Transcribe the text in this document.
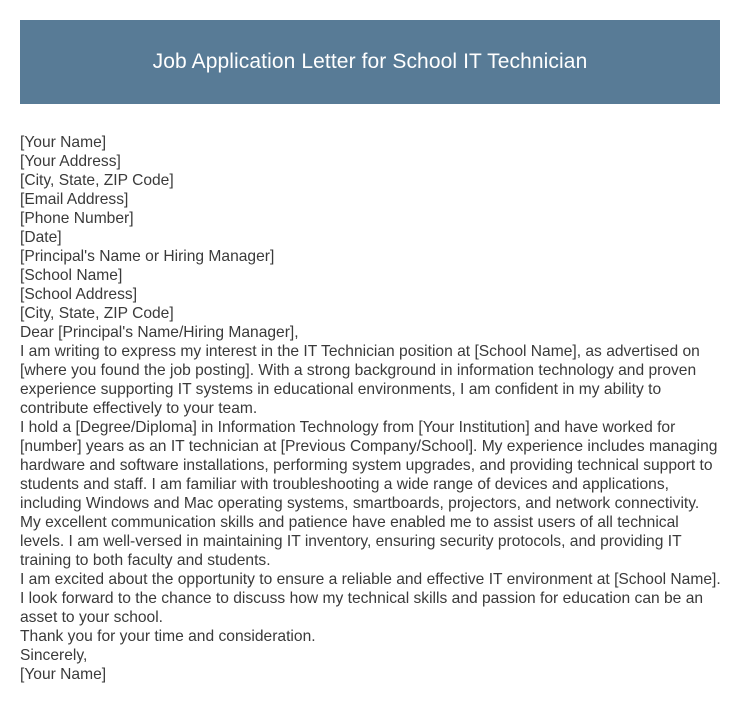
Job Application Letter for School IT Technician
[Your Name]
[Your Address]
[City, State, ZIP Code]
[Email Address]
[Phone Number]
[Date]
[Principal's Name or Hiring Manager]
[School Name]
[School Address]
[City, State, ZIP Code]
Dear [Principal's Name/Hiring Manager],

I am writing to express my interest in the IT Technician position at [School Name], as advertised on [where you found the job posting]. With a strong background in information technology and proven experience supporting IT systems in educational environments, I am confident in my ability to contribute effectively to your team.

I hold a [Degree/Diploma] in Information Technology from [Your Institution] and have worked for [number] years as an IT technician at [Previous Company/School]. My experience includes managing hardware and software installations, performing system upgrades, and providing technical support to students and staff. I am familiar with troubleshooting a wide range of devices and applications, including Windows and Mac operating systems, smartboards, projectors, and network connectivity.

My excellent communication skills and patience have enabled me to assist users of all technical levels. I am well-versed in maintaining IT inventory, ensuring security protocols, and providing IT training to both faculty and students.

I am excited about the opportunity to ensure a reliable and effective IT environment at [School Name]. I look forward to the chance to discuss how my technical skills and passion for education can be an asset to your school.

Thank you for your time and consideration.

Sincerely,
[Your Name]
